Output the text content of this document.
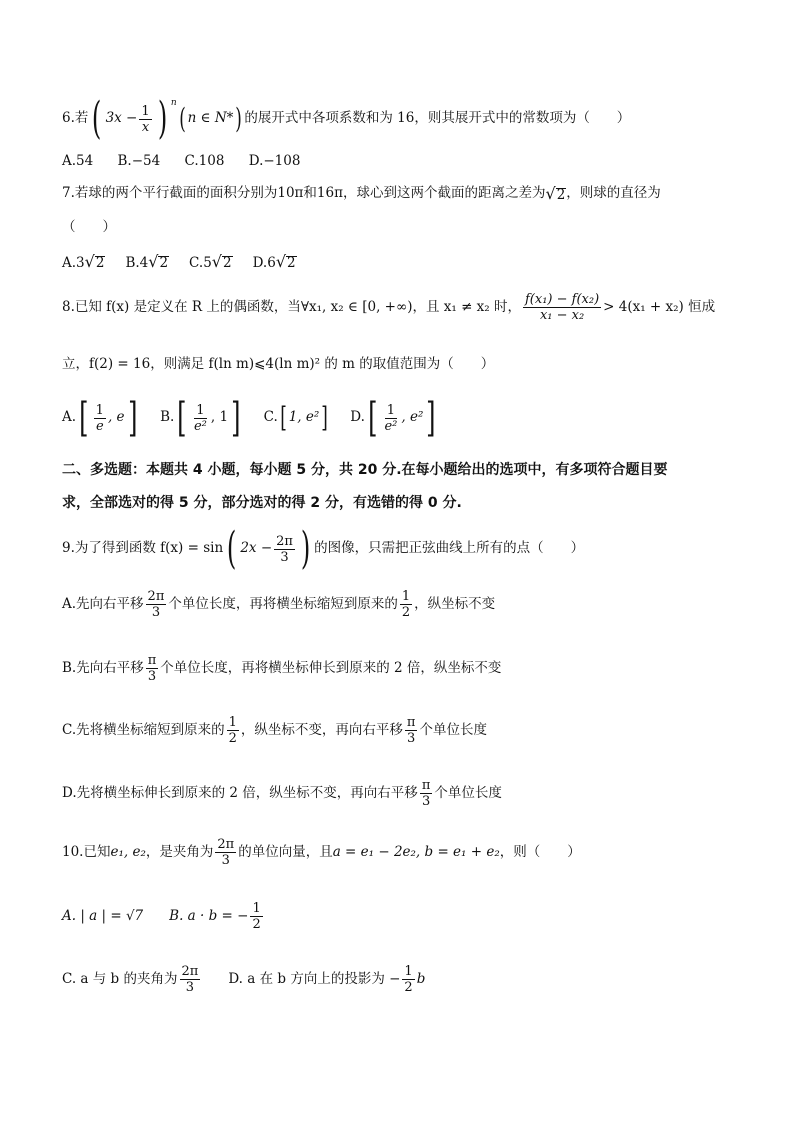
6.若 ( $3x - \frac{1}{x}$ ) n ( n ∈ N* ) 的展开式中各项系数和为 16，则其展开式中的常数项为（　　）
A.54 B.−54 C.108 D.−108
7.若球的两个平行截面的面积分别为10π和16π，球心到这两个截面的距离之差为 √ 2 ，则球的直径为
（　　）
A.3 √ 2 B.4 √ 2 C.5 √ 2 D.6 √ 2
8.已知 f(x) 是定义在 R 上的偶函数，当∀x₁, x₂ ∈ [0, +∞)，且 x₁ ≠ x₂ 时， $\frac{\text{f(x₁) − f(x₂)}}{\text{x₁ − x₂}} > 4(x_1 + x_2)$ 恒成
立，f(2) = 16，则满足 f(ln m)⩽4(ln m)² 的 m 的取值范围为（　　）
A. [ $\frac{1}{e}$ , e ] B. [ $\frac{1}{\text{e²}}$ , 1 ] C. [ 1, e² ] D. [ $\frac{1}{\text{e²}}$ , e² ]
二、多选题：本题共 4 小题，每小题 5 分，共 20 分.在每小题给出的选项中，有多项符合题目要
求，全部选对的得 5 分，部分选对的得 2 分，有选错的得 0 分.
9.为了得到函数 f(x) = sin ( $2x - \frac{2\pi}{3}$ ) 的图像，只需把正弦曲线上所有的点（　　）
A.先向右平移 $\frac{2\pi}{3}$ 个单位长度，再将横坐标缩短到原来的 $\frac{1}{2}$ ，纵坐标不变
B.先向右平移 $\frac{\pi}{3}$ 个单位长度，再将横坐标伸长到原来的 2 倍，纵坐标不变
C.先将横坐标缩短到原来的 $\frac{1}{2}$ ，纵坐标不变，再向右平移 $\frac{\pi}{3}$ 个单位长度
D.先将横坐标伸长到原来的 2 倍，纵坐标不变，再向右平移 $\frac{\pi}{3}$ 个单位长度
10.已知 e₁, e₂ ，是夹角为 $\frac{2\pi}{3}$ 的单位向量，且 a = e₁ − 2e₂, b = e₁ + e₂ ，则（　　）
A. | a | = √7 B. a · b = − $\frac{1}{2}$
C. a 与 b 的夹角为 $\frac{2\pi}{3} D$. a 在 b 方向上的投影为 − $\frac{1}{2}$ b
